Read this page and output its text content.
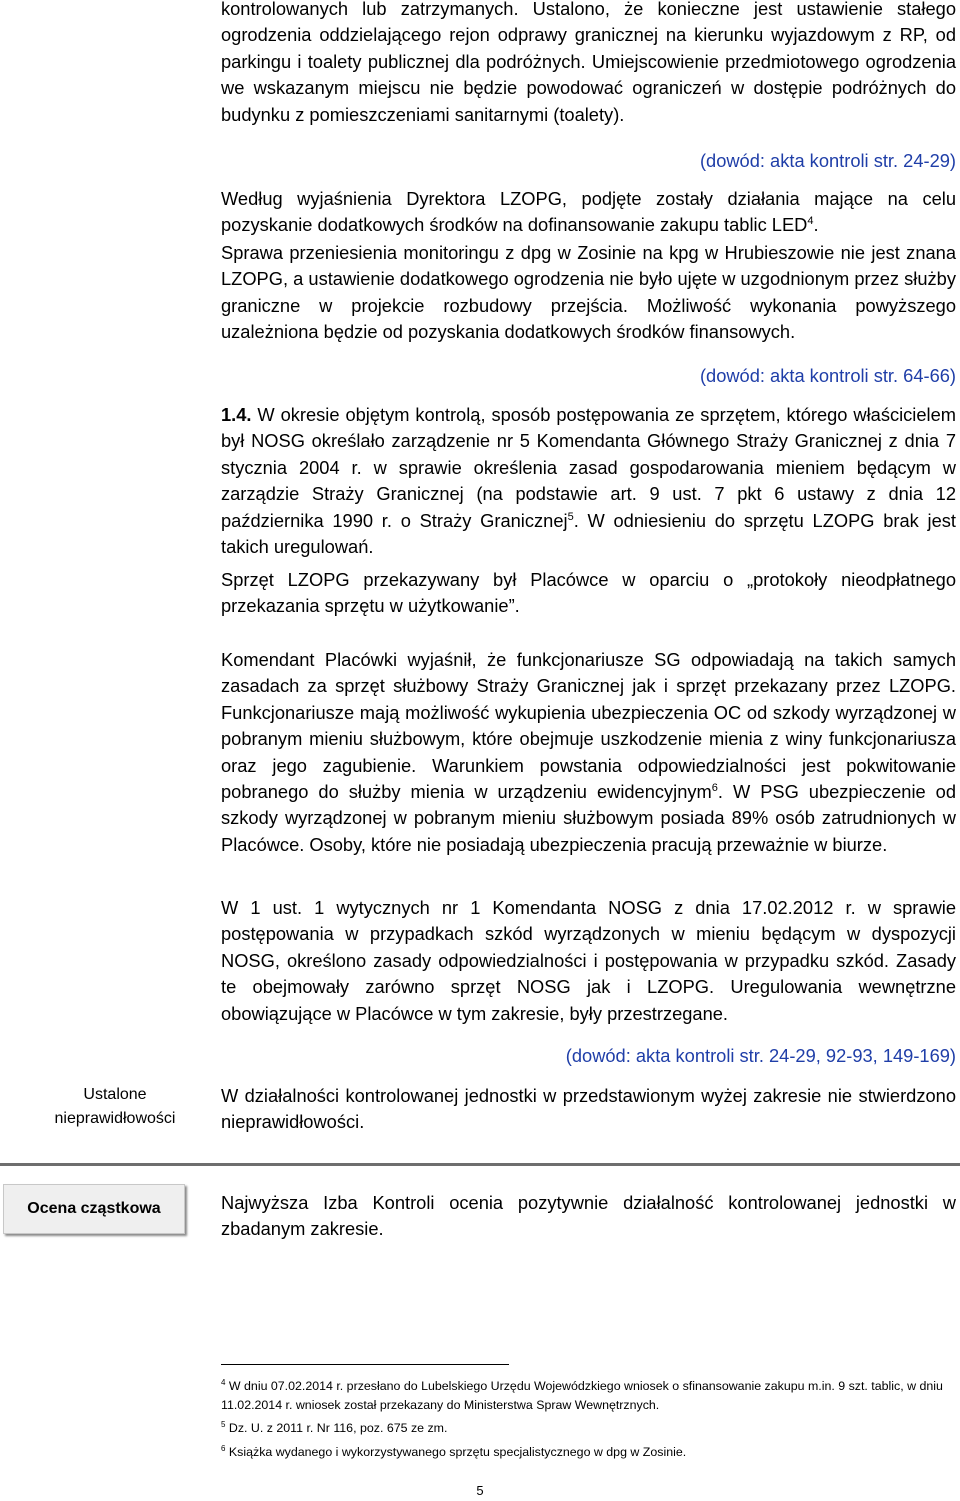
kontrolowanych lub zatrzymanych. Ustalono, że konieczne jest ustawienie stałego ogrodzenia oddzielającego rejon odprawy granicznej na kierunku wyjazdowym z RP, od parkingu i toalety publicznej dla podróżnych. Umiejscowienie przedmiotowego ogrodzenia we wskazanym miejscu nie będzie powodować ograniczeń w dostępie podróżnych do budynku z pomieszczeniami sanitarnymi (toalety).

(dowód: akta kontroli str. 24-29)

Według wyjaśnienia Dyrektora LZOPG, podjęte zostały działania mające na celu pozyskanie dodatkowych środków na dofinansowanie zakupu tablic LED$^4$.

Sprawa przeniesienia monitoringu z dpg w Zosinie na kpg w Hrubieszowie nie jest znana LZOPG, a ustawienie dodatkowego ogrodzenia nie było ujęte w uzgodnionym przez służby graniczne w projekcie rozbudowy przejścia. Możliwość wykonania powyższego uzależniona będzie od pozyskania dodatkowych środków finansowych.

(dowód: akta kontroli str. 64-66)

1.4. W okresie objętym kontrolą, sposób postępowania ze sprzętem, którego właścicielem był NOSG określało zarządzenie nr 5 Komendanta Głównego Straży Granicznej z dnia 7 stycznia 2004 r. w sprawie określenia zasad gospodarowania mieniem będącym w zarządzie Straży Granicznej (na podstawie art. 9 ust. 7 pkt 6 ustawy z dnia 12 października 1990 r. o Straży Granicznej$^5$. W odniesieniu do sprzętu LZOPG brak jest takich uregulowań.

Sprzęt LZOPG przekazywany był Placówce w oparciu o „protokoły nieodpłatnego przekazania sprzętu w użytkowanie”.

Komendant Placówki wyjaśnił, że funkcjonariusze SG odpowiadają na takich samych zasadach za sprzęt służbowy Straży Granicznej jak i sprzęt przekazany przez LZOPG. Funkcjonariusze mają możliwość wykupienia ubezpieczenia OC od szkody wyrządzonej w pobranym mieniu służbowym, które obejmuje uszkodzenie mienia z winy funkcjonariusza oraz jego zagubienie. Warunkiem powstania odpowiedzialności jest pokwitowanie pobranego do służby mienia w urządzeniu ewidencyjnym$^6$. W PSG ubezpieczenie od szkody wyrządzonej w pobranym mieniu służbowym posiada 89% osób zatrudnionych w Placówce. Osoby, które nie posiadają ubezpieczenia pracują przeważnie w biurze.

W 1 ust. 1 wytycznych nr 1 Komendanta NOSG z dnia 17.02.2012 r. w sprawie postępowania w przypadkach szkód wyrządzonych w mieniu będącym w dyspozycji NOSG, określono zasady odpowiedzialności i postępowania w przypadku szkód. Zasady te obejmowały zarówno sprzęt NOSG jak i LZOPG. Uregulowania wewnętrzne obowiązujące w Placówce w tym zakresie, były przestrzegane.

(dowód: akta kontroli str. 24-29, 92-93, 149-169)
Ustalone
nieprawidłowości

W działalności kontrolowanej jednostki w przedstawionym wyżej zakresie nie stwierdzono nieprawidłowości.

Ocena cząstkowa	Najwyższa Izba Kontroli ocenia pozytywnie działalność kontrolowanej jednostki w zbadanym zakresie.

$^4$ W dniu 07.02.2014 r. przesłano do Lubelskiego Urzędu Wojewódzkiego wniosek o sfinansowanie zakupu m.in. 9 szt. tablic, w dniu 11.02.2014 r. wniosek został przekazany do Ministerstwa Spraw Wewnętrznych.
$^5$ Dz. U. z 2011 r. Nr 116, poz. 675 ze zm.
$^6$ Książka wydanego i wykorzystywanego sprzętu specjalistycznego w dpg w Zosinie.
5
